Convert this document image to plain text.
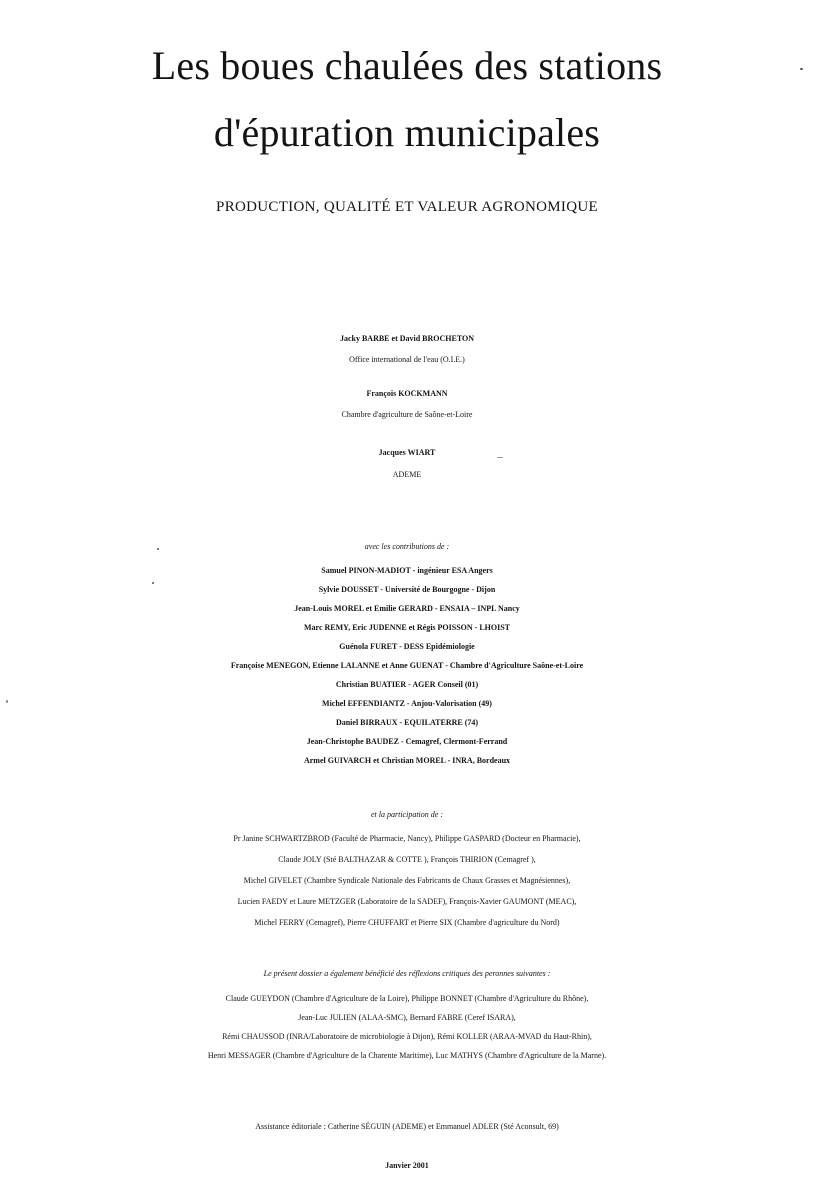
Les boues chaulées des stations
d'épuration municipales
PRODUCTION, QUALITÉ ET VALEUR AGRONOMIQUE
Jacky BARBE et David BROCHETON
Office international de l'eau (O.I.E.)
François KOCKMANN
Chambre d'agriculture de Saône-et-Loire
Jacques WIART
ADEME
avec les contributions de :
Samuel PINON-MADIOT - ingénieur ESA Angers
Sylvie DOUSSET - Université de Bourgogne - Dijon
Jean-Louis MOREL et Emilie GERARD - ENSAIA – INPL Nancy
Marc REMY, Eric JUDENNE et Régis POISSON - LHOIST
Guénola FURET - DESS Epidémiologie
Françoise MENEGON, Etienne LALANNE et Anne GUENAT - Chambre d'Agriculture Saône-et-Loire
Christian BUATIER - AGER Conseil (01)
Michel EFFENDIANTZ - Anjou-Valorisation (49)
Daniel BIRRAUX - EQUILATERRE (74)
Jean-Christophe BAUDEZ - Cemagref, Clermont-Ferrand
Armel GUIVARCH et Christian MOREL - INRA, Bordeaux
et la participation de :
Pr Janine SCHWARTZBROD (Faculté de Pharmacie, Nancy), Philippe GASPARD (Docteur en Pharmacie),
Claude JOLY (Sté BALTHAZAR & COTTE ), François THIRION (Cemagref ),
Michel GIVELET (Chambre Syndicale Nationale des Fabricants de Chaux Grasses et Magnésiennes),
Lucien FAEDY et Laure METZGER (Laboratoire de la SADEF), François-Xavier GAUMONT (MEAC),
Michel FERRY (Cemagref), Pierre CHUFFART et Pierre SIX (Chambre d'agriculture du Nord)
Le présent dossier a également bénéficié des réflexions critiques des peronnes suivantes :
Claude GUEYDON (Chambre d'Agriculture de la Loire), Philippe BONNET (Chambre d'Agriculture du Rhône),
Jean-Luc JULIEN (ALAA-SMC), Bernard FABRE (Ceref ISARA),
Rémi CHAUSSOD (INRA/Laboratoire de microbiologie à Dijon), Rémi KOLLER (ARAA-MVAD du Haut-Rhin),
Henri MESSAGER (Chambre d'Agriculture de la Charente Maritime), Luc MATHYS (Chambre d'Agriculture de la Marne).
Assistance éditoriale : Catherine SÉGUIN (ADEME) et Emmanuel ADLER (Sté Aconsult, 69)
Janvier 2001
